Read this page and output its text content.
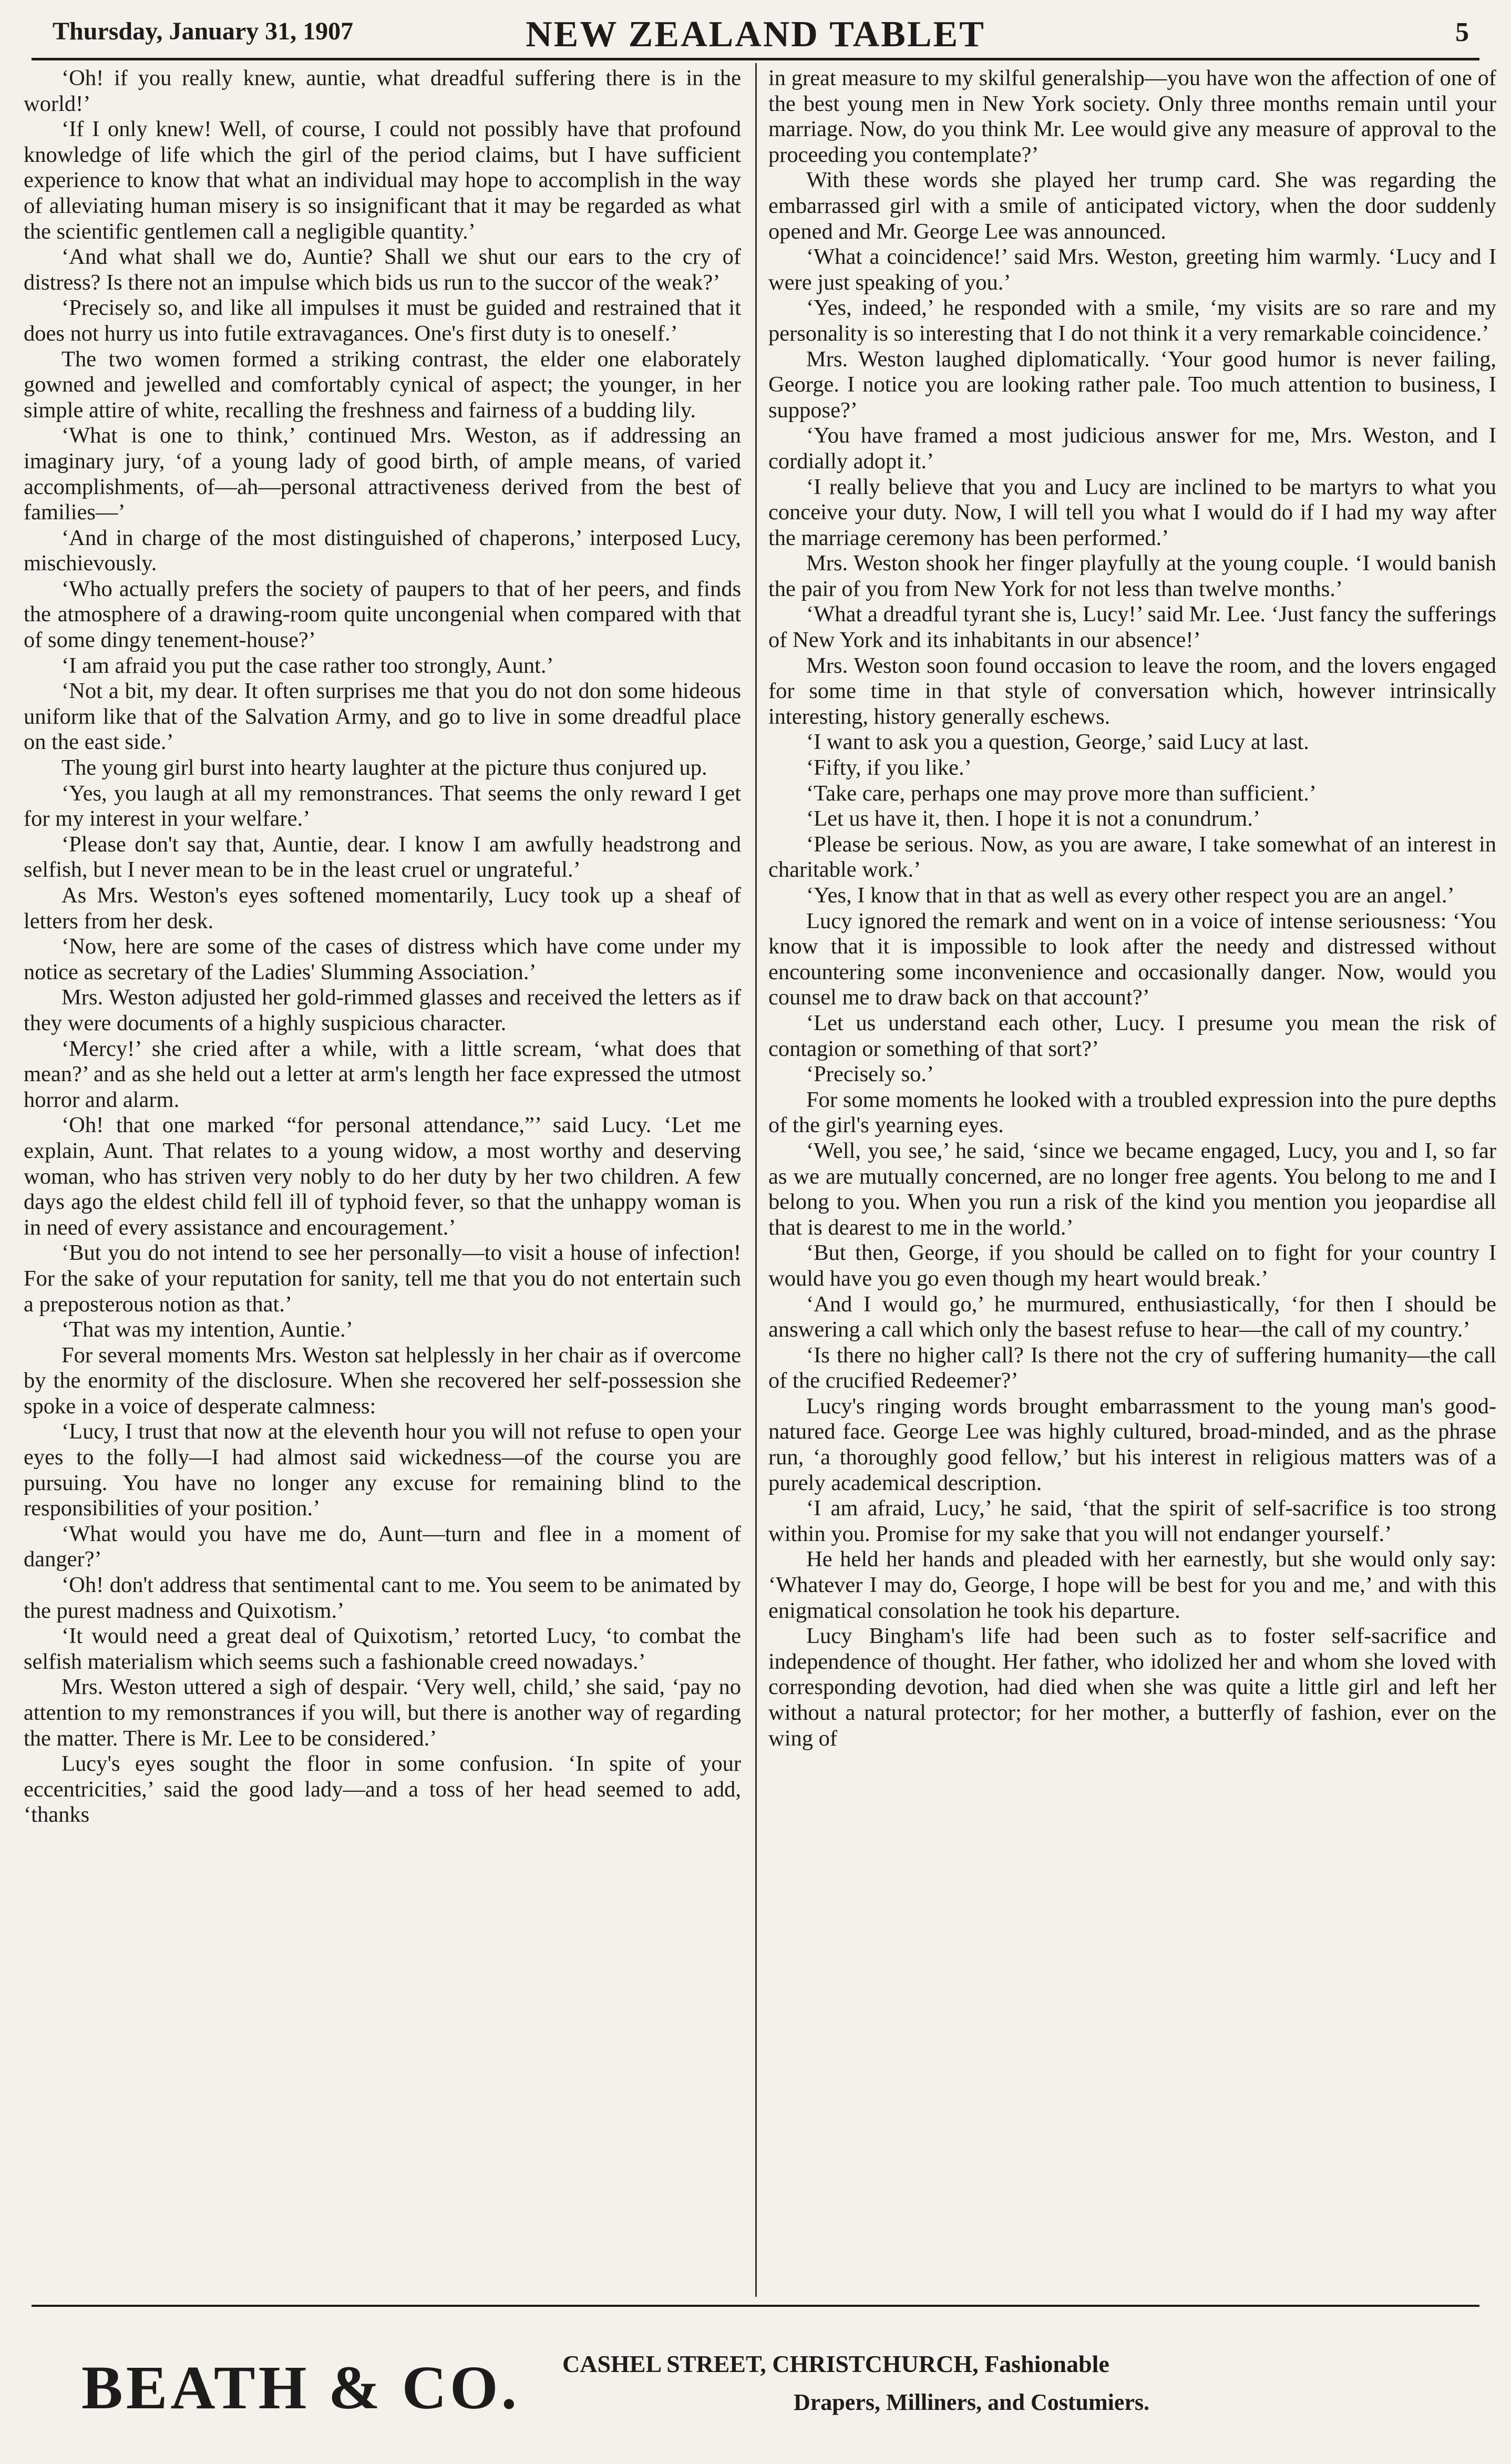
Thursday, January 31, 1907	NEW ZEALAND TABLET	5

‘Oh! if you really knew, auntie, what dreadful suffering there is in the world!’

‘If I only knew! Well, of course, I could not possibly have that profound knowledge of life which the girl of the period claims, but I have sufficient experience to know that what an individual may hope to accomplish in the way of alleviating human misery is so insignificant that it may be regarded as what the scientific gentlemen call a negligible quantity.’

‘And what shall we do, Auntie? Shall we shut our ears to the cry of distress? Is there not an impulse which bids us run to the succor of the weak?’

‘Precisely so, and like all impulses it must be guided and restrained that it does not hurry us into futile extravagances. One's first duty is to oneself.’

The two women formed a striking contrast, the elder one elaborately gowned and jewelled and comfortably cynical of aspect; the younger, in her simple attire of white, recalling the freshness and fairness of a budding lily.

‘What is one to think,’ continued Mrs. Weston, as if addressing an imaginary jury, ‘of a young lady of good birth, of ample means, of varied accomplishments, of—ah—personal attractiveness derived from the best of families—’

‘And in charge of the most distinguished of chaperons,’ interposed Lucy, mischievously.

‘Who actually prefers the society of paupers to that of her peers, and finds the atmosphere of a drawing-room quite uncongenial when compared with that of some dingy tenement-house?’

‘I am afraid you put the case rather too strongly, Aunt.’

‘Not a bit, my dear. It often surprises me that you do not don some hideous uniform like that of the Salvation Army, and go to live in some dreadful place on the east side.’

The young girl burst into hearty laughter at the picture thus conjured up.

‘Yes, you laugh at all my remonstrances. That seems the only reward I get for my interest in your welfare.’

‘Please don't say that, Auntie, dear. I know I am awfully headstrong and selfish, but I never mean to be in the least cruel or ungrateful.’

As Mrs. Weston's eyes softened momentarily, Lucy took up a sheaf of letters from her desk.

‘Now, here are some of the cases of distress which have come under my notice as secretary of the Ladies' Slumming Association.’

Mrs. Weston adjusted her gold-rimmed glasses and received the letters as if they were documents of a highly suspicious character.

‘Mercy!’ she cried after a while, with a little scream, ‘what does that mean?’ and as she held out a letter at arm's length her face expressed the utmost horror and alarm.

‘Oh! that one marked “for personal attendance,”’ said Lucy. ‘Let me explain, Aunt. That relates to a young widow, a most worthy and deserving woman, who has striven very nobly to do her duty by her two children. A few days ago the eldest child fell ill of typhoid fever, so that the unhappy woman is in need of every assistance and encouragement.’

‘But you do not intend to see her personally—to visit a house of infection! For the sake of your reputation for sanity, tell me that you do not entertain such a preposterous notion as that.’

‘That was my intention, Auntie.’

For several moments Mrs. Weston sat helplessly in her chair as if overcome by the enormity of the disclosure. When she recovered her self-possession she spoke in a voice of desperate calmness:

‘Lucy, I trust that now at the eleventh hour you will not refuse to open your eyes to the folly—I had almost said wickedness—of the course you are pursuing. You have no longer any excuse for remaining blind to the responsibilities of your position.’

‘What would you have me do, Aunt—turn and flee in a moment of danger?’

‘Oh! don't address that sentimental cant to me. You seem to be animated by the purest madness and Quixotism.’

‘It would need a great deal of Quixotism,’ retorted Lucy, ‘to combat the selfish materialism which seems such a fashionable creed nowadays.’

Mrs. Weston uttered a sigh of despair. ‘Very well, child,’ she said, ‘pay no attention to my remonstrances if you will, but there is another way of regarding the matter. There is Mr. Lee to be considered.’

Lucy's eyes sought the floor in some confusion. ‘In spite of your eccentricities,’ said the good lady—and a toss of her head seemed to add, ‘thanks

in great measure to my skilful generalship—you have won the affection of one of the best young men in New York society. Only three months remain until your marriage. Now, do you think Mr. Lee would give any measure of approval to the proceeding you contemplate?’

With these words she played her trump card. She was regarding the embarrassed girl with a smile of anticipated victory, when the door suddenly opened and Mr. George Lee was announced.

‘What a coincidence!’ said Mrs. Weston, greeting him warmly. ‘Lucy and I were just speaking of you.’

‘Yes, indeed,’ he responded with a smile, ‘my visits are so rare and my personality is so interesting that I do not think it a very remarkable coincidence.’

Mrs. Weston laughed diplomatically. ‘Your good humor is never failing, George. I notice you are looking rather pale. Too much attention to business, I suppose?’

‘You have framed a most judicious answer for me, Mrs. Weston, and I cordially adopt it.’

‘I really believe that you and Lucy are inclined to be martyrs to what you conceive your duty. Now, I will tell you what I would do if I had my way after the marriage ceremony has been performed.’

Mrs. Weston shook her finger playfully at the young couple. ‘I would banish the pair of you from New York for not less than twelve months.’

‘What a dreadful tyrant she is, Lucy!’ said Mr. Lee. ‘Just fancy the sufferings of New York and its inhabitants in our absence!’

Mrs. Weston soon found occasion to leave the room, and the lovers engaged for some time in that style of conversation which, however intrinsically interesting, history generally eschews.

‘I want to ask you a question, George,’ said Lucy at last.

‘Fifty, if you like.’

‘Take care, perhaps one may prove more than sufficient.’

‘Let us have it, then. I hope it is not a conundrum.’

‘Please be serious. Now, as you are aware, I take somewhat of an interest in charitable work.’

‘Yes, I know that in that as well as every other respect you are an angel.’

Lucy ignored the remark and went on in a voice of intense seriousness: ‘You know that it is impossible to look after the needy and distressed without encountering some inconvenience and occasionally danger. Now, would you counsel me to draw back on that account?’

‘Let us understand each other, Lucy. I presume you mean the risk of contagion or something of that sort?’

‘Precisely so.’

For some moments he looked with a troubled expression into the pure depths of the girl's yearning eyes.

‘Well, you see,’ he said, ‘since we became engaged, Lucy, you and I, so far as we are mutually concerned, are no longer free agents. You belong to me and I belong to you. When you run a risk of the kind you mention you jeopardise all that is dearest to me in the world.’

‘But then, George, if you should be called on to fight for your country I would have you go even though my heart would break.’

‘And I would go,’ he murmured, enthusiastically, ‘for then I should be answering a call which only the basest refuse to hear—the call of my country.’

‘Is there no higher call? Is there not the cry of suffering humanity—the call of the crucified Redeemer?’

Lucy's ringing words brought embarrassment to the young man's good-natured face. George Lee was highly cultured, broad-minded, and as the phrase run, ‘a thoroughly good fellow,’ but his interest in religious matters was of a purely academical description.

‘I am afraid, Lucy,’ he said, ‘that the spirit of self-sacrifice is too strong within you. Promise for my sake that you will not endanger yourself.’

He held her hands and pleaded with her earnestly, but she would only say: ‘Whatever I may do, George, I hope will be best for you and me,’ and with this enigmatical consolation he took his departure.

Lucy Bingham's life had been such as to foster self-sacrifice and independence of thought. Her father, who idolized her and whom she loved with corresponding devotion, had died when she was quite a little girl and left her without a natural protector; for her mother, a butterfly of fashion, ever on the wing of

BEATH & CO. CASHEL STREET, CHRISTCHURCH, Fashionable
Drapers, Milliners, and Costumiers.
